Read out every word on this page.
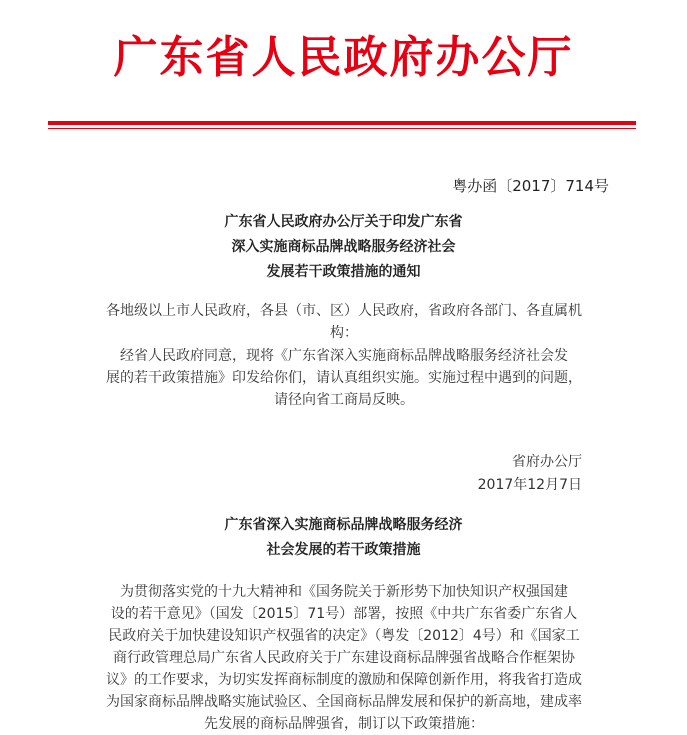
广东省人民政府办公厅
粤办函〔2017〕714号
广东省人民政府办公厅关于印发广东省
深入实施商标品牌战略服务经济社会
发展若干政策措施的通知
各地级以上市人民政府，各县（市、区）人民政府，省政府各部门、各直属机
构：
经省人民政府同意，现将《广东省深入实施商标品牌战略服务经济社会发
展的若干政策措施》印发给你们，请认真组织实施。实施过程中遇到的问题，
请径向省工商局反映。
省府办公厅
2017年12月7日
广东省深入实施商标品牌战略服务经济
社会发展的若干政策措施
为贯彻落实党的十九大精神和《国务院关于新形势下加快知识产权强国建
设的若干意见》（国发〔2015〕71号）部署，按照《中共广东省委广东省人
民政府关于加快建设知识产权强省的决定》（粤发〔2012〕4号）和《国家工
商行政管理总局广东省人民政府关于广东建设商标品牌强省战略合作框架协
议》的工作要求，为切实发挥商标制度的激励和保障创新作用，将我省打造成
为国家商标品牌战略实施试验区、全国商标品牌发展和保护的新高地，建成率
先发展的商标品牌强省，制订以下政策措施：
